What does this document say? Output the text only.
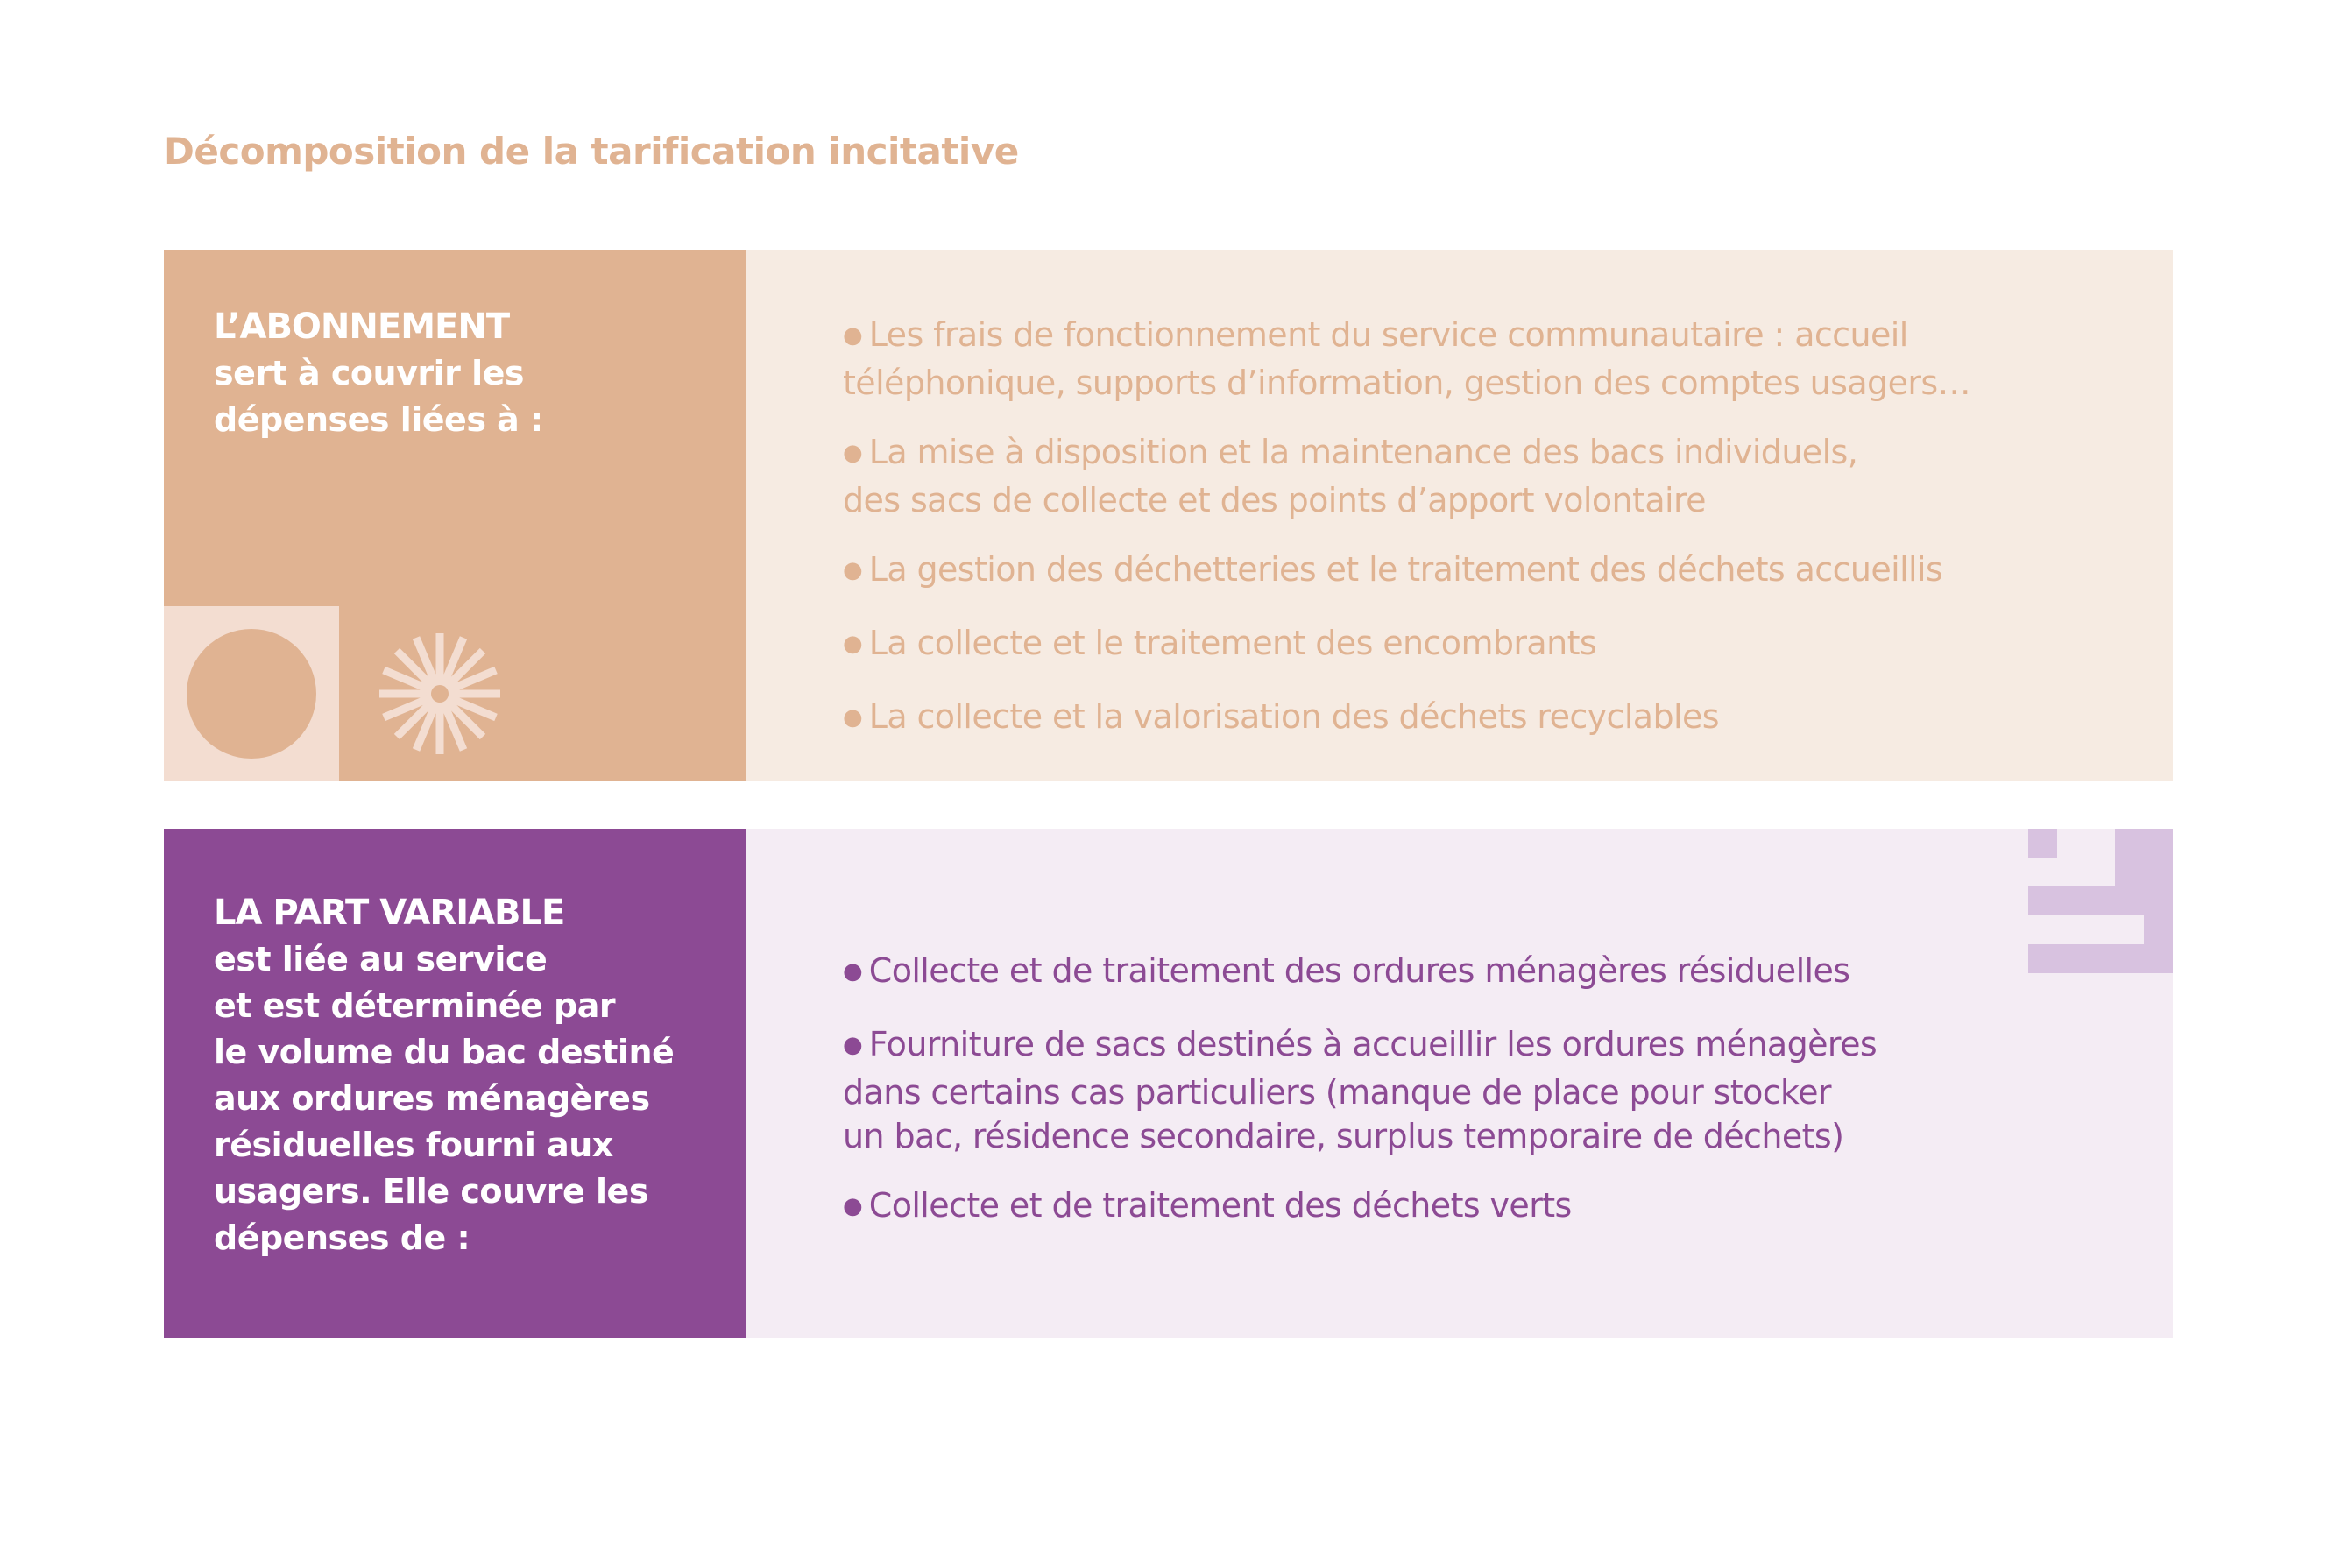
Décomposition de la tarification incitative
L’ABONNEMENT
sert à couvrir les
dépenses liées à :
● Les frais de fonctionnement du service communautaire : accueil
téléphonique, supports d’information, gestion des comptes usagers…
● La mise à disposition et la maintenance des bacs individuels,
des sacs de collecte et des points d’apport volontaire
● La gestion des déchetteries et le traitement des déchets accueillis
● La collecte et le traitement des encombrants
● La collecte et la valorisation des déchets recyclables
LA PART VARIABLE
est liée au service
et est déterminée par
le volume du bac destiné
aux ordures ménagères
résiduelles fourni aux
usagers. Elle couvre les
dépenses de :
● Collecte et de traitement des ordures ménagères résiduelles
● Fourniture de sacs destinés à accueillir les ordures ménagères
dans certains cas particuliers (manque de place pour stocker
un bac, résidence secondaire, surplus temporaire de déchets)
● Collecte et de traitement des déchets verts
